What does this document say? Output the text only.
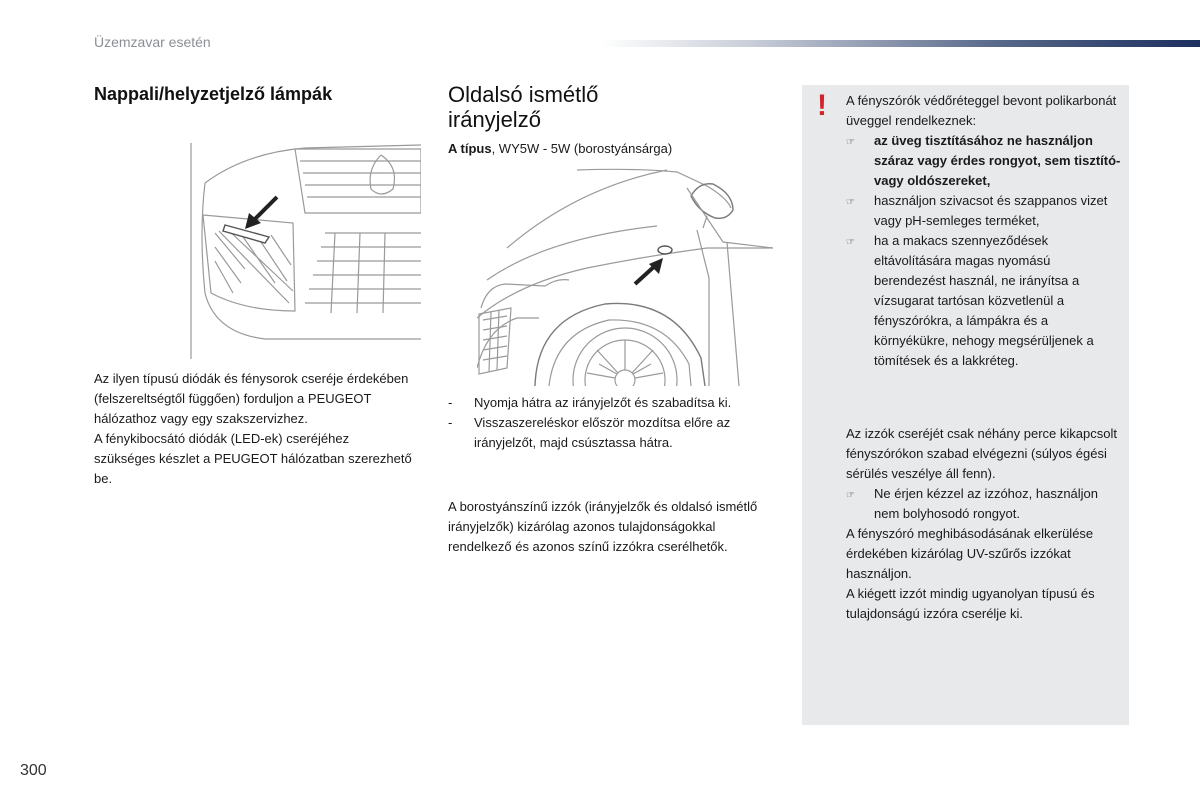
Üzemzavar esetén
Nappali/helyzetjelző lámpák
Az ilyen típusú diódák és fénysorok cseréje érdekében (felszereltségtől függően) forduljon a PEUGEOT hálózathoz vagy egy szakszervizhez.
A fénykibocsátó diódák (LED-ek) cseréjéhez szükséges készlet a PEUGEOT hálózatban szerezhető be.
Oldalsó ismétlő
irányjelző
A típus, WY5W - 5W (borostyánsárga)
-	Nyomja hátra az irányjelzőt és szabadítsa ki.
-	Visszaszereléskor először mozdítsa előre az irányjelzőt, majd csúsztassa hátra.
A borostyánszínű izzók (irányjelzők és oldalsó ismétlő irányjelzők) kizárólag azonos tulajdonságokkal rendelkező és azonos színű izzókra cserélhetők.
! A fényszórók védőréteggel bevont polikarbonát üveggel rendelkeznek:
☞	az üveg tisztításához ne használjon száraz vagy érdes rongyot, sem tisztító- vagy oldószereket,
☞	használjon szivacsot és szappanos vizet vagy pH-semleges terméket,
☞	ha a makacs szennyeződések eltávolítására magas nyomású berendezést használ, ne irányítsa a vízsugarat tartósan közvetlenül a fényszórókra, a lámpákra és a környékükre, nehogy megsérüljenek a tömítések és a lakkréteg.
Az izzók cseréjét csak néhány perce kikapcsolt fényszórókon szabad elvégezni (súlyos égési sérülés veszélye áll fenn).
☞	Ne érjen kézzel az izzóhoz, használjon nem bolyhosodó rongyot.
A fényszóró meghibásodásának elkerülése érdekében kizárólag UV-szűrős izzókat használjon.
A kiégett izzót mindig ugyanolyan típusú és tulajdonságú izzóra cserélje ki.
300
